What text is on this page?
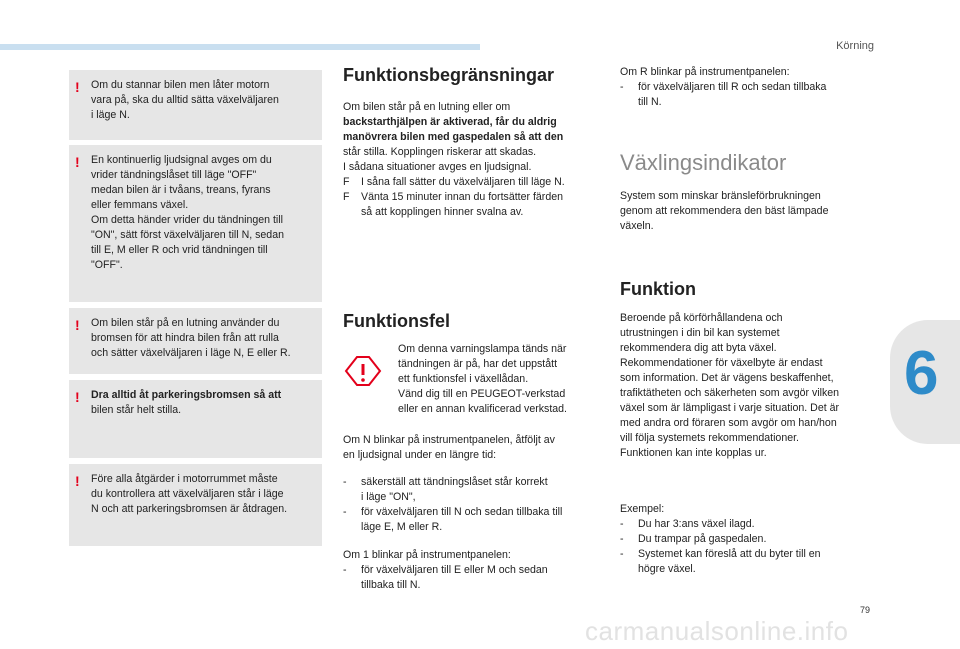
Körning
79
6
! Om du stannar bilen men låter motorn
vara på, ska du alltid sätta växelväljaren
i läge N.

! En kontinuerlig ljudsignal avges om du
vrider tändningslåset till läge "OFF"
medan bilen är i tvåans, treans, fyrans
eller femmans växel.
Om detta händer vrider du tändningen till
"ON", sätt först växelväljaren till N, sedan
till E, M eller R och vrid tändningen till
"OFF".

! Om bilen står på en lutning använder du
bromsen för att hindra bilen från att rulla
och sätter växelväljaren i läge N, E eller R.

! Dra alltid åt parkeringsbromsen så att
bilen står helt stilla.

! Före alla åtgärder i motorrummet måste
du kontrollera att växelväljaren står i läge
N och att parkeringsbromsen är åtdragen.

Funktionsbegränsningar
Om bilen står på en lutning eller om
backstarthjälpen är aktiverad, får du aldrig
manövrera bilen med gaspedalen så att den
står stilla. Kopplingen riskerar att skadas.
I sådana situationer avges en ljudsignal.
F I såna fall sätter du växelväljaren till läge N.
F Vänta 15 minuter innan du fortsätter färden
så att kopplingen hinner svalna av.
Funktionsfel
Om denna varningslampa tänds när
tändningen är på, har det uppstått
ett funktionsfel i växellådan.
Vänd dig till en PEUGEOT-verkstad
eller en annan kvalificerad verkstad.
Om N blinkar på instrumentpanelen, åtföljt av
en ljudsignal under en längre tid:
- säkerställ att tändningslåset står korrekt
i läge "ON",
- för växelväljaren till N och sedan tillbaka till
läge E, M eller R.
Om 1 blinkar på instrumentpanelen:
- för växelväljaren till E eller M och sedan
tillbaka till N.
Om R blinkar på instrumentpanelen:
- för växelväljaren till R och sedan tillbaka
till N.
Växlingsindikator
System som minskar bränsleförbrukningen
genom att rekommendera den bäst lämpade
växeln.
Funktion
Beroende på körförhållandena och
utrustningen i din bil kan systemet
rekommendera dig att byta växel.
Rekommendationer för växelbyte är endast
som information. Det är vägens beskaffenhet,
trafiktätheten och säkerheten som avgör vilken
växel som är lämpligast i varje situation. Det är
med andra ord föraren som avgör om han/hon
vill följa systemets rekommendationer.
Funktionen kan inte kopplas ur.
Exempel:
- Du har 3:ans växel ilagd.
- Du trampar på gaspedalen.
- Systemet kan föreslå att du byter till en
högre växel.
carmanualsonline.info
